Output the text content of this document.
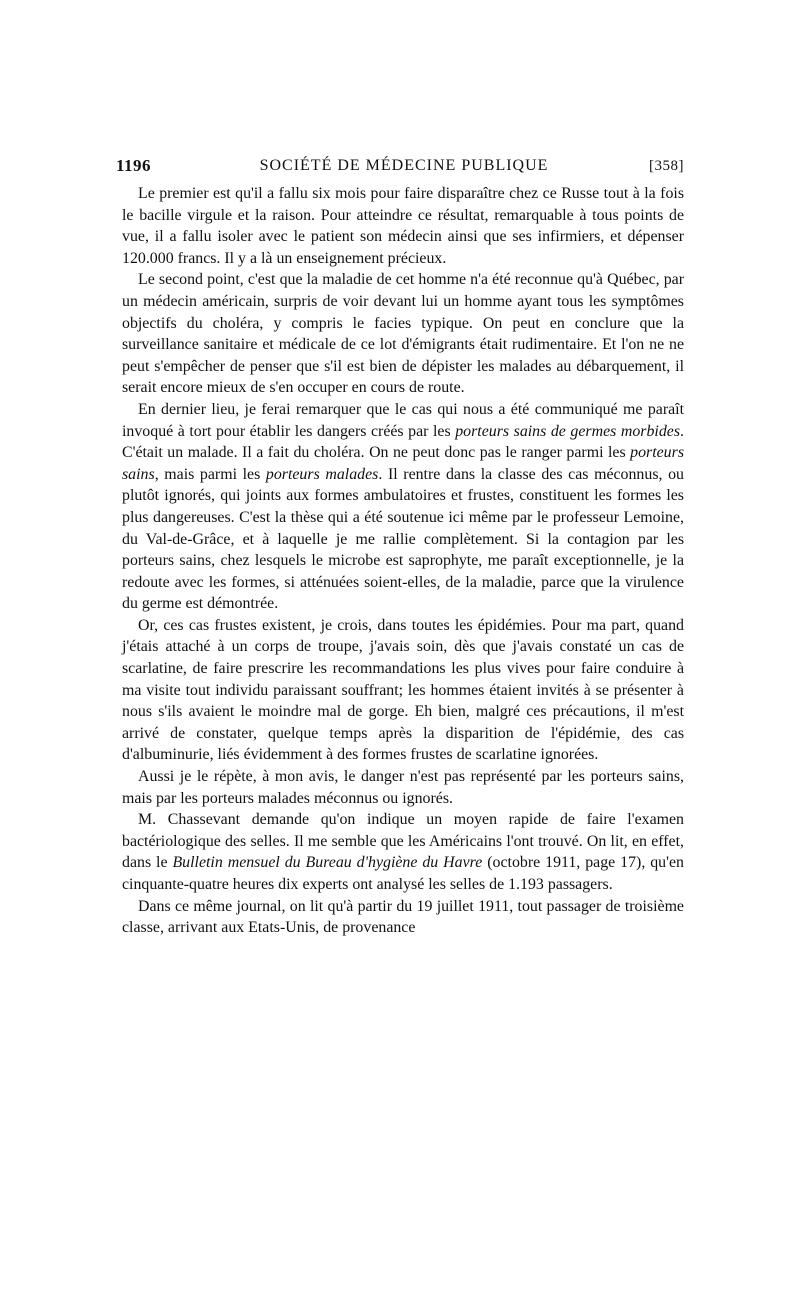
1196	SOCIÉTÉ DE MÉDECINE PUBLIQUE	[358]

Le premier est qu'il a fallu six mois pour faire disparaître chez ce Russe tout à la fois le bacille virgule et la raison. Pour atteindre ce résultat, remarquable à tous points de vue, il a fallu isoler avec le patient son médecin ainsi que ses infirmiers, et dépenser 120.000 francs. Il y a là un enseignement précieux.

Le second point, c'est que la maladie de cet homme n'a été reconnue qu'à Québec, par un médecin américain, surpris de voir devant lui un homme ayant tous les symptômes objectifs du choléra, y compris le facies typique. On peut en conclure que la surveillance sanitaire et médicale de ce lot d'émigrants était rudimentaire. Et l'on ne ne peut s'empêcher de penser que s'il est bien de dépister les malades au débarquement, il serait encore mieux de s'en occuper en cours de route.

En dernier lieu, je ferai remarquer que le cas qui nous a été communiqué me paraît invoqué à tort pour établir les dangers créés par les porteurs sains de germes morbides. C'était un malade. Il a fait du choléra. On ne peut donc pas le ranger parmi les porteurs sains, mais parmi les porteurs malades. Il rentre dans la classe des cas méconnus, ou plutôt ignorés, qui joints aux formes ambulatoires et frustes, constituent les formes les plus dangereuses. C'est la thèse qui a été soutenue ici même par le professeur Lemoine, du Val-de-Grâce, et à laquelle je me rallie complètement. Si la contagion par les porteurs sains, chez lesquels le microbe est saprophyte, me paraît exceptionnelle, je la redoute avec les formes, si atténuées soient-elles, de la maladie, parce que la virulence du germe est démontrée.

Or, ces cas frustes existent, je crois, dans toutes les épidémies. Pour ma part, quand j'étais attaché à un corps de troupe, j'avais soin, dès que j'avais constaté un cas de scarlatine, de faire prescrire les recommandations les plus vives pour faire conduire à ma visite tout individu paraissant souffrant; les hommes étaient invités à se présenter à nous s'ils avaient le moindre mal de gorge. Eh bien, malgré ces précautions, il m'est arrivé de constater, quelque temps après la disparition de l'épidémie, des cas d'albuminurie, liés évidemment à des formes frustes de scarlatine ignorées.

Aussi je le répète, à mon avis, le danger n'est pas représenté par les porteurs sains, mais par les porteurs malades méconnus ou ignorés.

M. Chassevant demande qu'on indique un moyen rapide de faire l'examen bactériologique des selles. Il me semble que les Américains l'ont trouvé. On lit, en effet, dans le Bulletin mensuel du Bureau d'hygiène du Havre (octobre 1911, page 17), qu'en cinquante-quatre heures dix experts ont analysé les selles de 1.193 passagers.

Dans ce même journal, on lit qu'à partir du 19 juillet 1911, tout passager de troisième classe, arrivant aux Etats-Unis, de provenance
